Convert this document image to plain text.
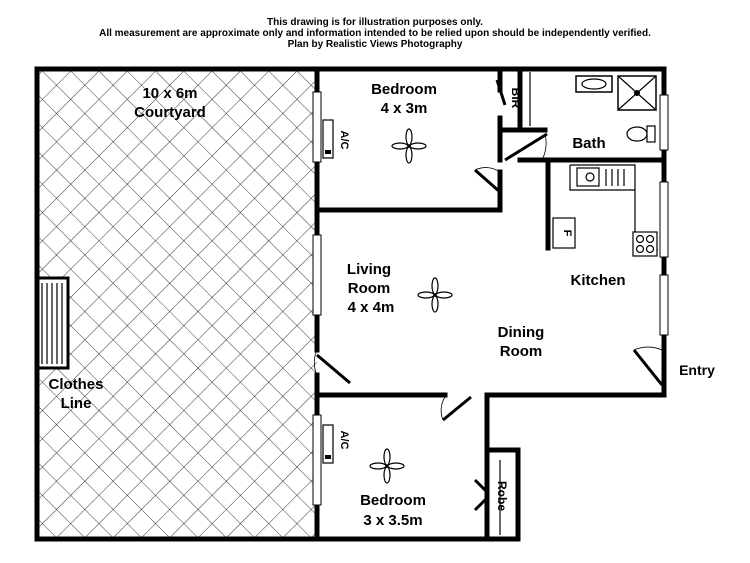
This drawing is for illustration purposes only.
All measurement are approximate only and information intended to be relied upon should be independently verified.
Plan by Realistic Views Photography
10 x 6m
Courtyard
Clothes
Line
Bedroom
4 x 3m
BIR
A/C	Bath
Kitchen
F
Living
Room
4 x 4m
Dining
Room
Entry
A/C
Bedroom
3 x 3.5m
Robe
